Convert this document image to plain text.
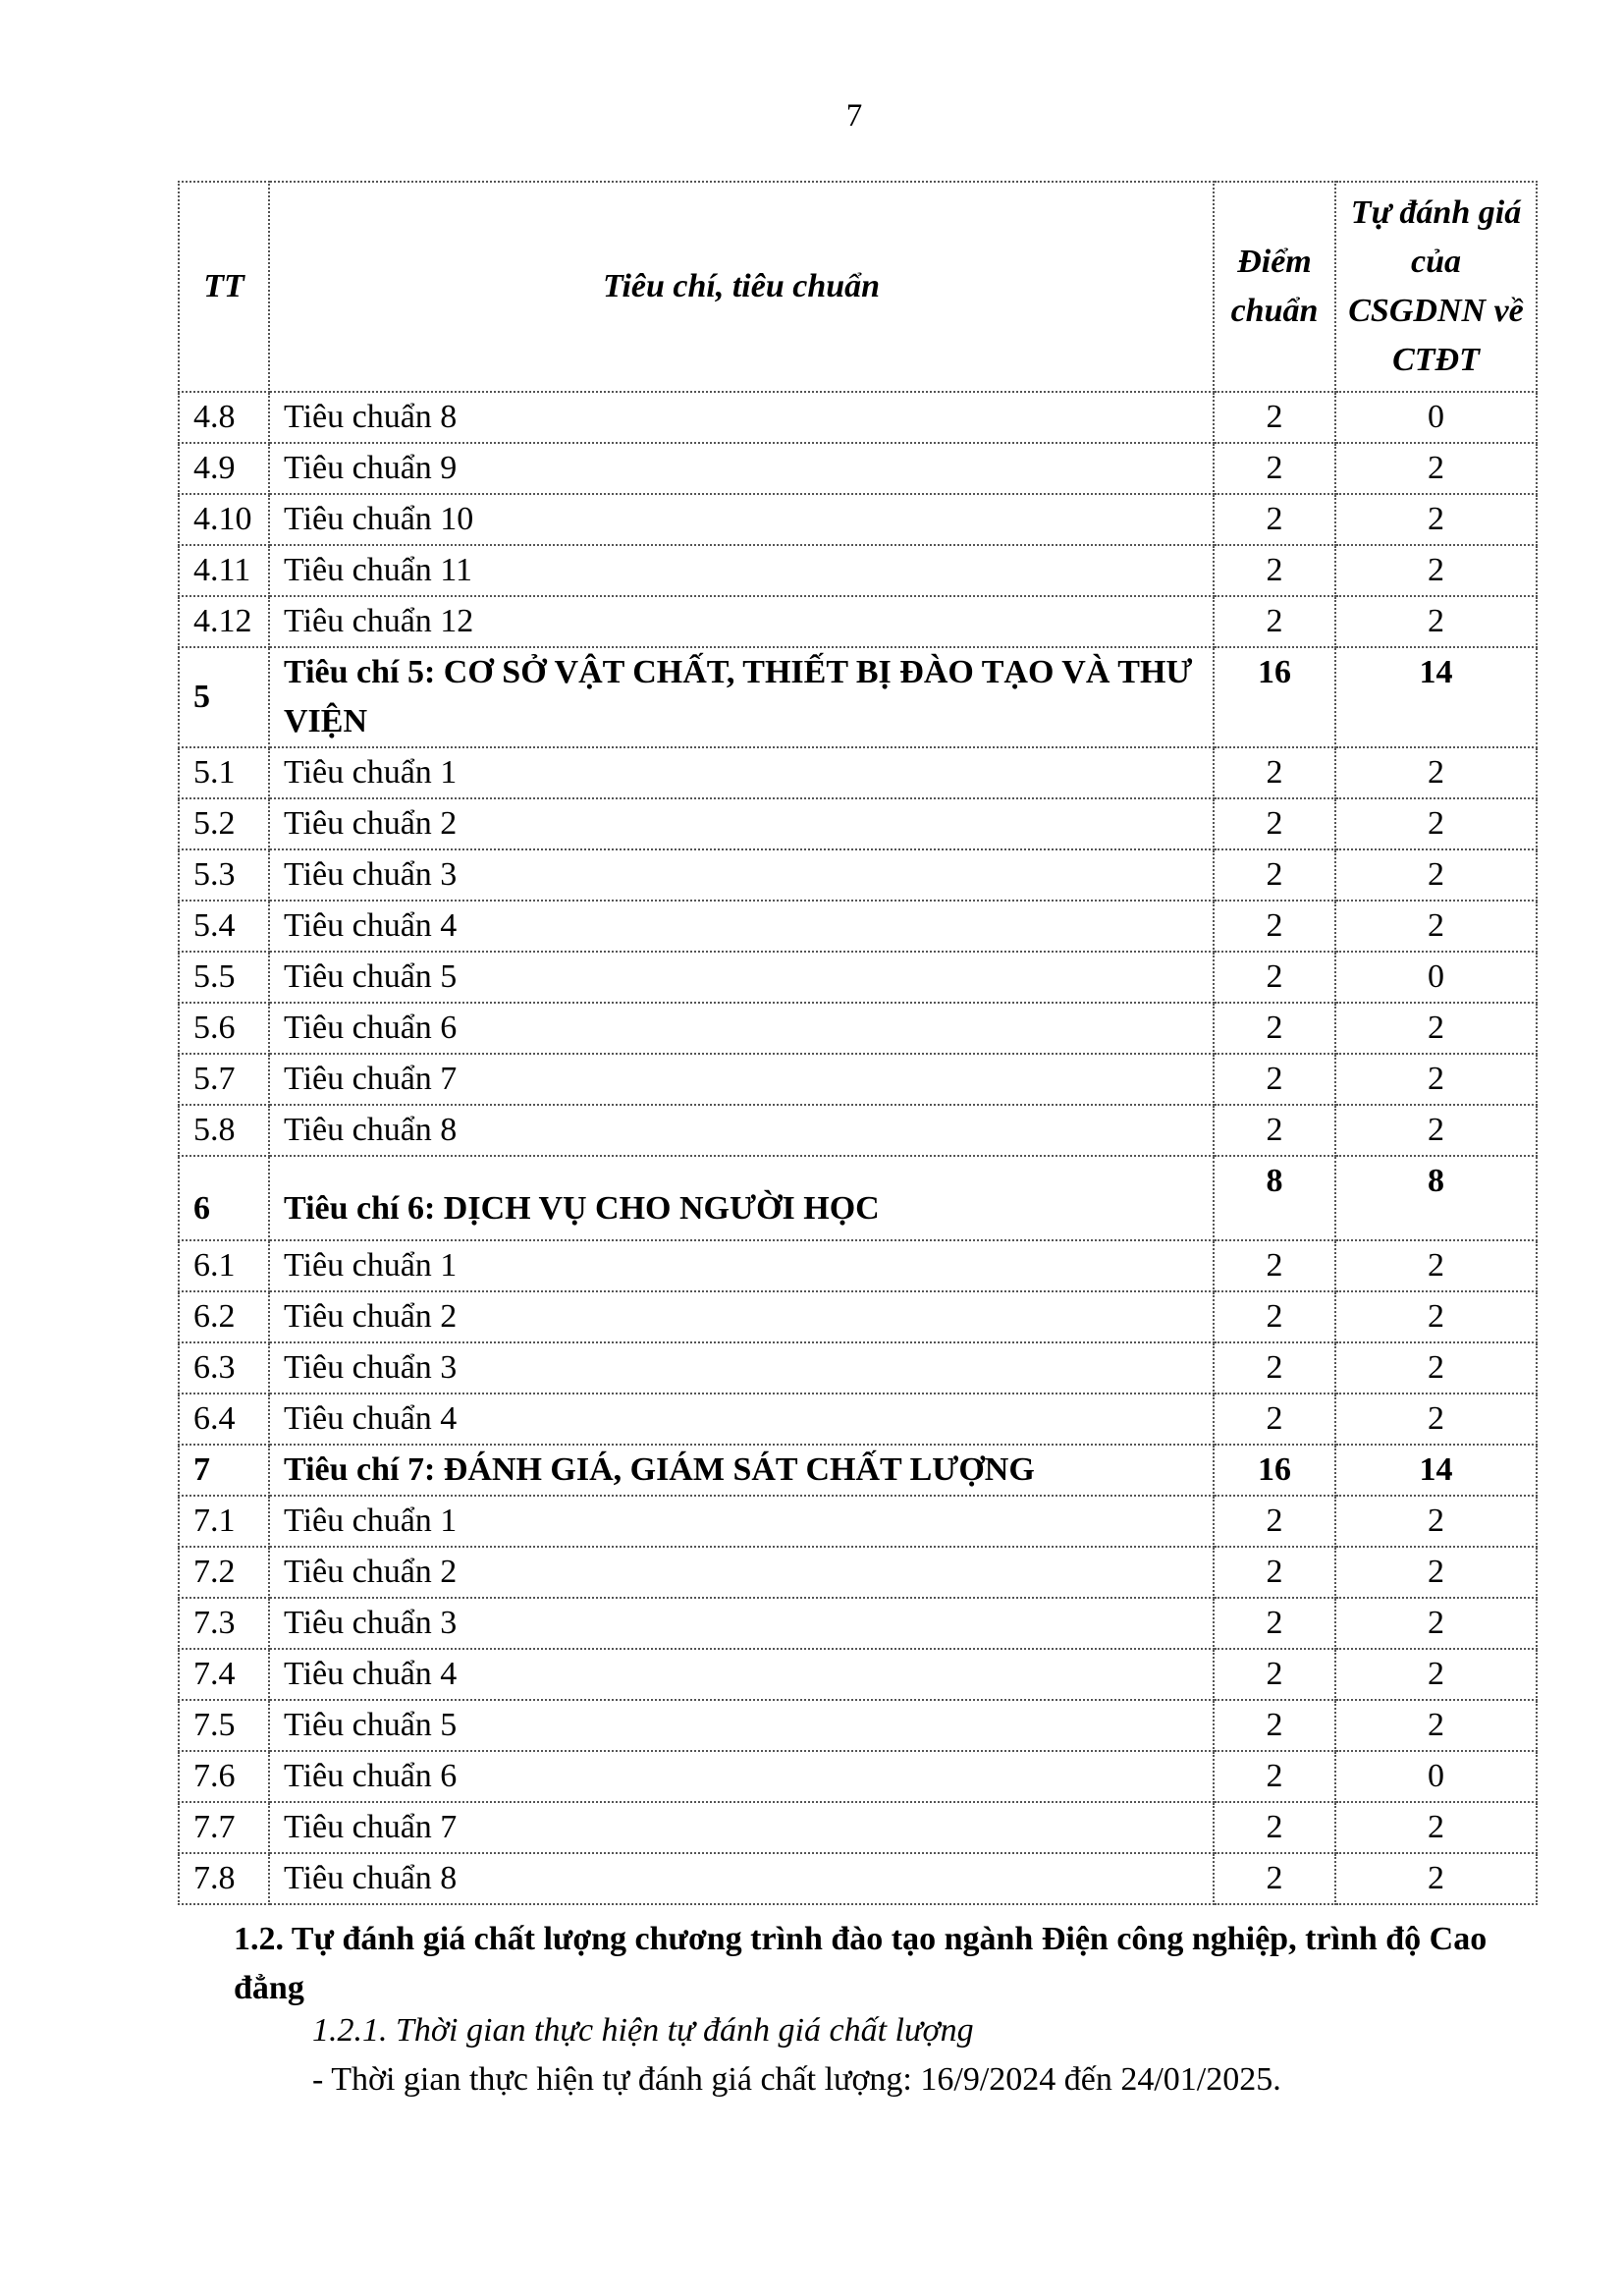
7
TT	Tiêu chí, tiêu chuẩn	Điểm chuẩn	Tự đánh giá của CSGDNN về CTĐT
4.8	Tiêu chuẩn 8	2	0
4.9	Tiêu chuẩn 9	2	2
4.10	Tiêu chuẩn 10	2	2
4.11	Tiêu chuẩn 11	2	2
4.12	Tiêu chuẩn 12	2	2
5	Tiêu chí 5: CƠ SỞ VẬT CHẤT, THIẾT BỊ ĐÀO TẠO VÀ THƯ VIỆN	16	14
5.1	Tiêu chuẩn 1	2	2
5.2	Tiêu chuẩn 2	2	2
5.3	Tiêu chuẩn 3	2	2
5.4	Tiêu chuẩn 4	2	2
5.5	Tiêu chuẩn 5	2	0
5.6	Tiêu chuẩn 6	2	2
5.7	Tiêu chuẩn 7	2	2
5.8	Tiêu chuẩn 8	2	2
6	Tiêu chí 6: DỊCH VỤ CHO NGƯỜI HỌC	8	8
6.1	Tiêu chuẩn 1	2	2
6.2	Tiêu chuẩn 2	2	2
6.3	Tiêu chuẩn 3	2	2
6.4	Tiêu chuẩn 4	2	2
7	Tiêu chí 7: ĐÁNH GIÁ, GIÁM SÁT CHẤT LƯỢNG	16	14
7.1	Tiêu chuẩn 1	2	2
7.2	Tiêu chuẩn 2	2	2
7.3	Tiêu chuẩn 3	2	2
7.4	Tiêu chuẩn 4	2	2
7.5	Tiêu chuẩn 5	2	2
7.6	Tiêu chuẩn 6	2	0
7.7	Tiêu chuẩn 7	2	2
7.8	Tiêu chuẩn 8	2	2
1.2. Tự đánh giá chất lượng chương trình đào tạo ngành Điện công nghiệp, trình độ Cao đẳng
1.2.1. Thời gian thực hiện tự đánh giá chất lượng
- Thời gian thực hiện tự đánh giá chất lượng: 16/9/2024 đến 24/01/2025.
